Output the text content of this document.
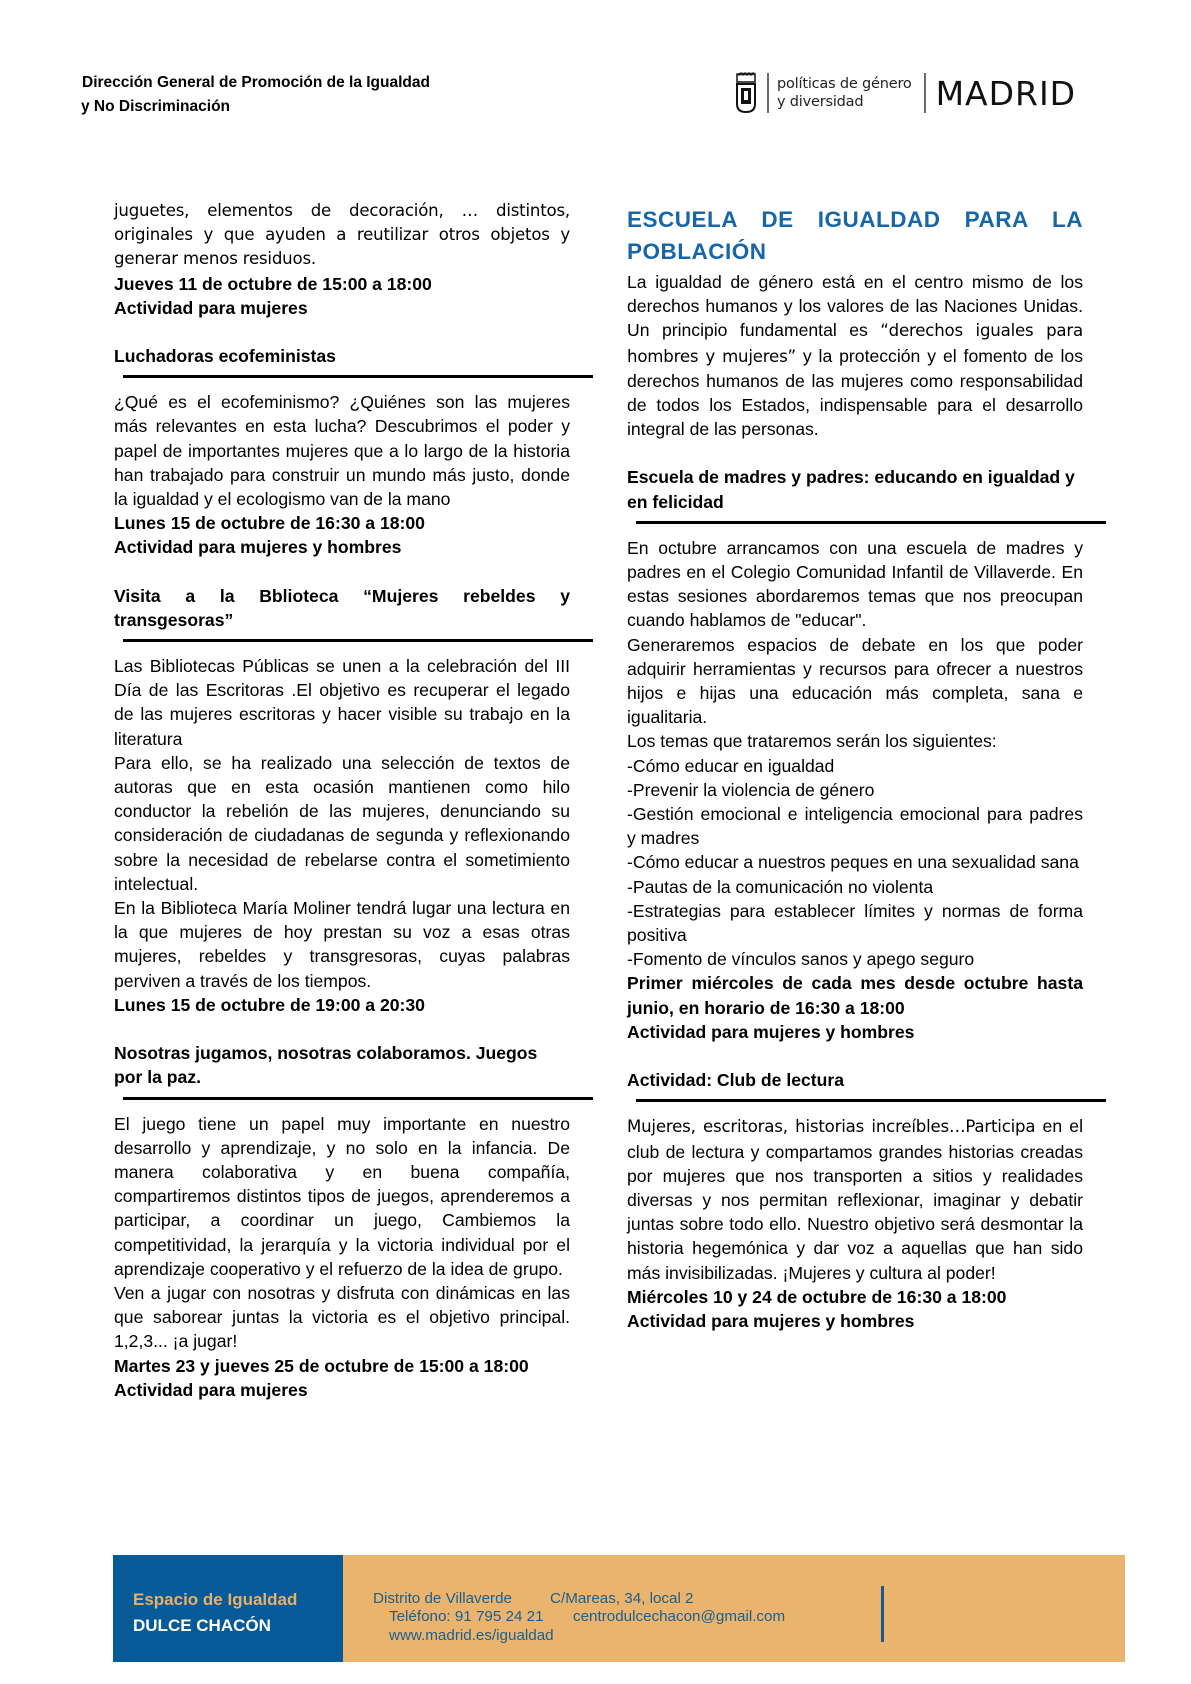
Dirección General de Promoción de la Igualdad
y No Discriminación
políticas de género
y diversidad	MADRID

juguetes, elementos de decoración, … distintos, originales y que ayuden a reutilizar otros objetos y generar menos residuos.

Jueves 11 de octubre de 15:00 a 18:00

Actividad para mujeres

Luchadoras ecofeministas

¿Qué es el ecofeminismo? ¿Quiénes son las mujeres más relevantes en esta lucha? Descubrimos el poder y papel de importantes mujeres que a lo largo de la historia han trabajado para construir un mundo más justo, donde la igualdad y el ecologismo van de la mano

Lunes 15 de octubre de 16:30 a 18:00

Actividad para mujeres y hombres

Visita a la Bblioteca “Mujeres rebeldes y transgesoras”

Las Bibliotecas Públicas se unen a la celebración del III Día de las Escritoras .El objetivo es recuperar el legado de las mujeres escritoras y hacer visible su trabajo en la literatura

Para ello, se ha realizado una selección de textos de autoras que en esta ocasión mantienen como hilo conductor la rebelión de las mujeres, denunciando su consideración de ciudadanas de segunda y reflexionando sobre la necesidad de rebelarse contra el sometimiento intelectual.

En la Biblioteca María Moliner tendrá lugar una lectura en la que mujeres de hoy prestan su voz a esas otras mujeres, rebeldes y transgresoras, cuyas palabras perviven a través de los tiempos.

Lunes 15 de octubre de 19:00 a 20:30

Nosotras jugamos, nosotras colaboramos. Juegos por la paz.

El juego tiene un papel muy importante en nuestro desarrollo y aprendizaje, y no solo en la infancia. De manera colaborativa y en buena compañía, compartiremos distintos tipos de juegos, aprenderemos a participar, a coordinar un juego, Cambiemos la competitividad, la jerarquía y la victoria individual por el aprendizaje cooperativo y el refuerzo de la idea de grupo.

Ven a jugar con nosotras y disfruta con dinámicas en las que saborear juntas la victoria es el objetivo principal. 1,2,3... ¡a jugar!

Martes 23 y jueves 25 de octubre de 15:00 a 18:00

Actividad para mujeres

ESCUELA DE IGUALDAD PARA LA POBLACIÓN

La igualdad de género está en el centro mismo de los derechos humanos y los valores de las Naciones Unidas. Un principio fundamental es “derechos iguales para hombres y mujeres” y la protección y el fomento de los derechos humanos de las mujeres como responsabilidad de todos los Estados, indispensable para el desarrollo integral de las personas.

Escuela de madres y padres: educando en igualdad y en felicidad

En octubre arrancamos con una escuela de madres y padres en el Colegio Comunidad Infantil de Villaverde. En estas sesiones abordaremos temas que nos preocupan cuando hablamos de "educar".

Generaremos espacios de debate en los que poder adquirir herramientas y recursos para ofrecer a nuestros hijos e hijas una educación más completa, sana e igualitaria.

Los temas que trataremos serán los siguientes:

-Cómo educar en igualdad

-Prevenir la violencia de género

-Gestión emocional e inteligencia emocional para padres y madres

-Cómo educar a nuestros peques en una sexualidad sana

-Pautas de la comunicación no violenta

-Estrategias para establecer límites y normas de forma positiva

-Fomento de vínculos sanos y apego seguro

Primer miércoles de cada mes desde octubre hasta junio, en horario de 16:30 a 18:00

Actividad para mujeres y hombres

Actividad: Club de lectura

Mujeres, escritoras, historias increíbles…Participa en el club de lectura y compartamos grandes historias creadas por mujeres que nos transporten a sitios y realidades diversas y nos permitan reflexionar, imaginar y debatir juntas sobre todo ello. Nuestro objetivo será desmontar la historia hegemónica y dar voz a aquellas que han sido más invisibilizadas. ¡Mujeres y cultura al poder!

Miércoles 10 y 24 de octubre de 16:30 a 18:00

Actividad para mujeres y hombres

Espacio de Igualdad
DULCE CHACÓN
Distrito de Villaverde C/Mareas, 34, local 2
Teléfono: 91 795 24 21 centrodulcechacon@gmail.com
www.madrid.es/igualdad
